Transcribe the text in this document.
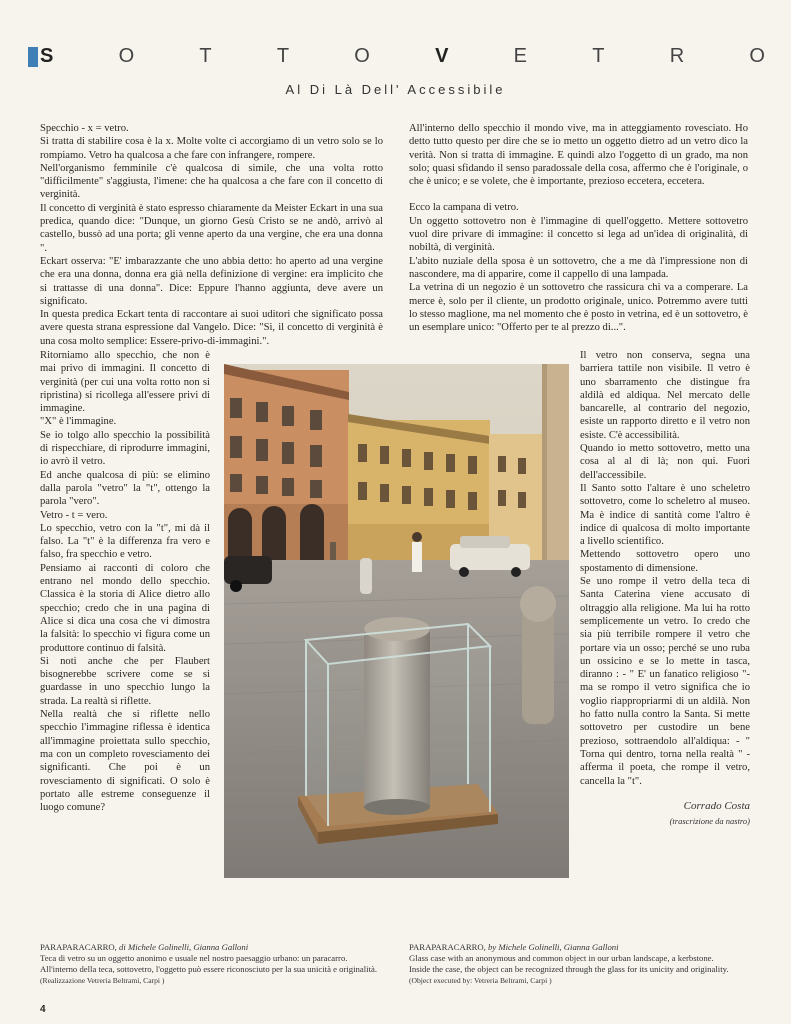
S	O	T	T	O	V	E	T	R	O
Al Di Là Dell' Accessibile

Specchio - x = vetro.

Si tratta di stabilire cosa è la x. Molte volte ci accorgiamo di un vetro solo se lo rompiamo. Vetro ha qualcosa a che fare con infrangere, rompere.

Nell'organismo femminile c'è qualcosa di simile, che una volta rotto "difficilmente" s'aggiusta, l'imene: che ha qualcosa a che fare con il concetto di verginità.

Il concetto di verginità è stato espresso chiaramente da Meister Eckart in una sua predica, quando dice: "Dunque, un giorno Gesù Cristo se ne andò, arrivò al castello, bussò ad una porta; gli venne aperto da una vergine, che era una donna ".

Eckart osserva: "E' imbarazzante che uno abbia detto: ho aperto ad una vergine che era una donna, donna era già nella definizione di vergine: era implicito che si trattasse di una donna". Dice: Eppure l'hanno aggiunta, deve avere un significato.

In questa predica Eckart tenta di raccontare ai suoi uditori che significato possa avere questa strana espressione dal Vangelo. Dice: "Si, il concetto di verginità è una cosa molto semplice: Essere-privo-di-immagini.".

Ritorniamo allo specchio, che non è mai privo di immagini. Il concetto di verginità (per cui una volta rotto non si ripristina) si ricollega all'essere privi di immagine.

"X" è l'immagine.

Se io tolgo allo specchio la possibilità di rispecchiare, di riprodurre immagini, io avrò il vetro.

Ed anche qualcosa di più: se elimino dalla parola "vetro" la "t", ottengo la parola "vero".

Vetro - t = vero.

Lo specchio, vetro con la "t", mi dà il falso. La "t" è la differenza fra vero e falso, fra specchio e vetro.

Pensiamo ai racconti di coloro che entrano nel mondo dello specchio. Classica è la storia di Alice dietro allo specchio; credo che in una pagina di Alice si dica una cosa che vi dimostra la falsità: lo specchio vi figura come un produttore continuo di falsità.

Si noti anche che per Flaubert bisognerebbe scrivere come se si guardasse in uno specchio lungo la strada. La realtà si riflette.

Nella realtà che si riflette nello specchio l'immagine riflessa è identica all'immagine proiettata sullo specchio, ma con un completo rovesciamento dei significanti. Che poi è un rovesciamento di significati. O solo è portato alle estreme conseguenze il luogo comune?

All'interno dello specchio il mondo vive, ma in atteggiamento rovesciato. Ho detto tutto questo per dire che se io metto un oggetto dietro ad un vetro dico la verità. Non si tratta di immagine. E quindi alzo l'oggetto di un grado, ma non solo; quasi sfidando il senso paradossale della cosa, affermo che è l'originale, o che è unico; e se volete, che è importante, prezioso eccetera, eccetera.

Ecco la campana di vetro.

Un oggetto sottovetro non è l'immagine di quell'oggetto. Mettere sottovetro vuol dire privare di immagine: il concetto si lega ad un'idea di originalità, di nobiltà, di verginità.

L'abito nuziale della sposa è un sottovetro, che a me dà l'impressione non di nascondere, ma di apparire, come il cappello di una lampada.

La vetrina di un negozio è un sottovetro che rassicura chi va a comperare. La merce è, solo per il cliente, un prodotto originale, unico. Potremmo avere tutti lo stesso maglione, ma nel momento che è posto in vetrina, ed è un sottovetro, è un esemplare unico: "Offerto per te al prezzo di...".

Il vetro non conserva, segna una barriera tattile non visibile. Il vetro è uno sbarramento che distingue fra aldilà ed aldiqua. Nel mercato delle bancarelle, al contrario del negozio, esiste un rapporto diretto e il vetro non esiste. C'è accessibilità.

Quando io metto sottovetro, metto una cosa al al di là; non qui. Fuori dell'accessibile.

Il Santo sotto l'altare è uno scheletro sottovetro, come lo scheletro al museo. Ma è indice di santità come l'altro è indice di qualcosa di molto importante a livello scientifico.

Mettendo sottovetro opero uno spostamento di dimensione.

Se uno rompe il vetro della teca di Santa Caterina viene accusato di oltraggio alla religione. Ma lui ha rotto semplicemente un vetro. Io credo che sia più terribile rompere il vetro che portare via un osso; perché se uno ruba un ossicino e se lo mette in tasca, diranno : - " E' un fanatico religioso "- ma se rompo il vetro significa che io voglio riappropriarmi di un aldilà. Non ho fatto nulla contro la Santa. Si mette sottovetro per custodire un bene prezioso, sottraendolo all'aldiqua: - " Torna qui dentro, torna nella realtà " - afferma il poeta, che rompe il vetro, cancella la "t".

Corrado Costa
(trascrizione da nastro)
PARAPARACARRO, di Michele Golinelli, Gianna Galloni
Teca di vetro su un oggetto anonimo e usuale nel nostro paesaggio urbano: un paracarro.
All'interno della teca, sottovetro, l'oggetto può essere riconosciuto per la sua unicità e originalità.
(Realizzazione Vetreria Beltrami, Carpi )
PARAPARACARRO, by Michele Golinelli, Gianna Galloni
Glass case with an anonymous and common object in our urban landscape, a kerbstone.
Inside the case, the object can be recognized through the glass for its unicity and originality.
(Object executed by: Vetreria Beltrami, Carpi )
4
